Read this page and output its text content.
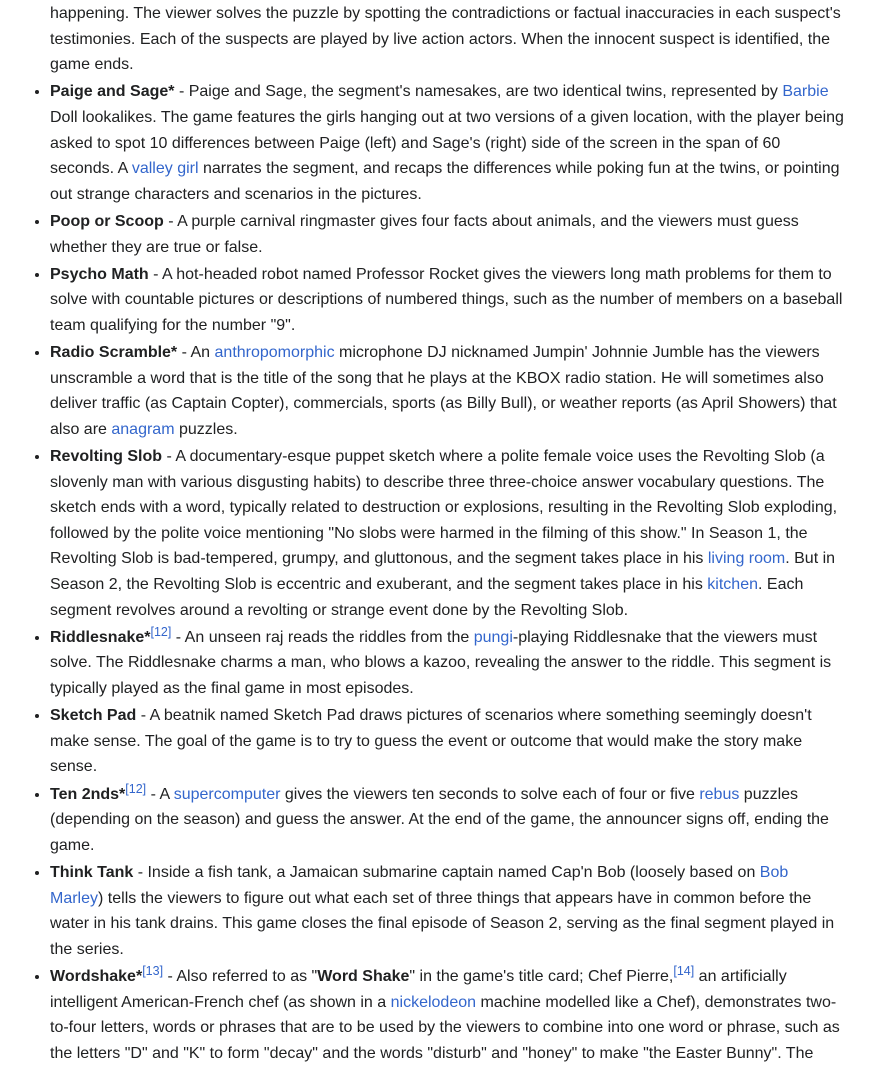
happening. The viewer solves the puzzle by spotting the contradictions or factual inaccuracies in each suspect's testimonies. Each of the suspects are played by live action actors. When the innocent suspect is identified, the game ends.
• Paige and Sage* - Paige and Sage, the segment's namesakes, are two identical twins, represented by Barbie Doll lookalikes. The game features the girls hanging out at two versions of a given location, with the player being asked to spot 10 differences between Paige (left) and Sage's (right) side of the screen in the span of 60 seconds. A valley girl narrates the segment, and recaps the differences while poking fun at the twins, or pointing out strange characters and scenarios in the pictures.
• Poop or Scoop - A purple carnival ringmaster gives four facts about animals, and the viewers must guess whether they are true or false.
• Psycho Math - A hot-headed robot named Professor Rocket gives the viewers long math problems for them to solve with countable pictures or descriptions of numbered things, such as the number of members on a baseball team qualifying for the number "9".
• Radio Scramble* - An anthropomorphic microphone DJ nicknamed Jumpin' Johnnie Jumble has the viewers unscramble a word that is the title of the song that he plays at the KBOX radio station. He will sometimes also deliver traffic (as Captain Copter), commercials, sports (as Billy Bull), or weather reports (as April Showers) that also are anagram puzzles.
• Revolting Slob - A documentary-esque puppet sketch where a polite female voice uses the Revolting Slob (a slovenly man with various disgusting habits) to describe three three-choice answer vocabulary questions. The sketch ends with a word, typically related to destruction or explosions, resulting in the Revolting Slob exploding, followed by the polite voice mentioning "No slobs were harmed in the filming of this show." In Season 1, the Revolting Slob is bad-tempered, grumpy, and gluttonous, and the segment takes place in his living room. But in Season 2, the Revolting Slob is eccentric and exuberant, and the segment takes place in his kitchen. Each segment revolves around a revolting or strange event done by the Revolting Slob.
• Riddlesnake*[12] - An unseen raj reads the riddles from the pungi-playing Riddlesnake that the viewers must solve. The Riddlesnake charms a man, who blows a kazoo, revealing the answer to the riddle. This segment is typically played as the final game in most episodes.
• Sketch Pad - A beatnik named Sketch Pad draws pictures of scenarios where something seemingly doesn't make sense. The goal of the game is to try to guess the event or outcome that would make the story make sense.
• Ten 2nds*[12] - A supercomputer gives the viewers ten seconds to solve each of four or five rebus puzzles (depending on the season) and guess the answer. At the end of the game, the announcer signs off, ending the game.
• Think Tank - Inside a fish tank, a Jamaican submarine captain named Cap'n Bob (loosely based on Bob Marley) tells the viewers to figure out what each set of three things that appears have in common before the water in his tank drains. This game closes the final episode of Season 2, serving as the final segment played in the series.
• Wordshake*[13] - Also referred to as "Word Shake" in the game's title card; Chef Pierre,[14] an artificially intelligent American-French chef (as shown in a nickelodeon machine modelled like a Chef), demonstrates two-to-four letters, words or phrases that are to be used by the viewers to combine into one word or phrase, such as the letters "D" and "K" to form "decay" and the words "disturb" and "honey" to make "the Easter Bunny". The
